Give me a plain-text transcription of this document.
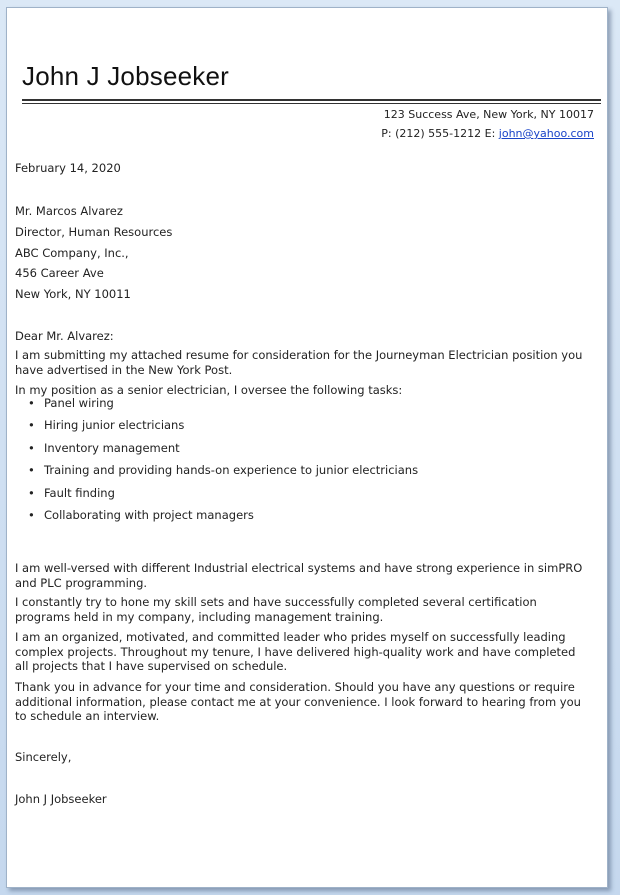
John J Jobseeker
123 Success Ave, New York, NY 10017
P: (212) 555-1212 E: john@yahoo.com
February 14, 2020
Mr. Marcos Alvarez
Director, Human Resources
ABC Company, Inc.,
456 Career Ave
New York, NY 10011
Dear Mr. Alvarez:
I am submitting my attached resume for consideration for the Journeyman Electrician position you have advertised in the New York Post.
In my position as a senior electrician, I oversee the following tasks:
• Panel wiring
• Hiring junior electricians
• Inventory management
• Training and providing hands-on experience to junior electricians
• Fault finding
• Collaborating with project managers
I am well-versed with different Industrial electrical systems and have strong experience in simPRO and PLC programming.
I constantly try to hone my skill sets and have successfully completed several certification programs held in my company, including management training.
I am an organized, motivated, and committed leader who prides myself on successfully leading complex projects. Throughout my tenure, I have delivered high-quality work and have completed all projects that I have supervised on schedule.
Thank you in advance for your time and consideration. Should you have any questions or require additional information, please contact me at your convenience. I look forward to hearing from you to schedule an interview.
Sincerely,
John J Jobseeker
